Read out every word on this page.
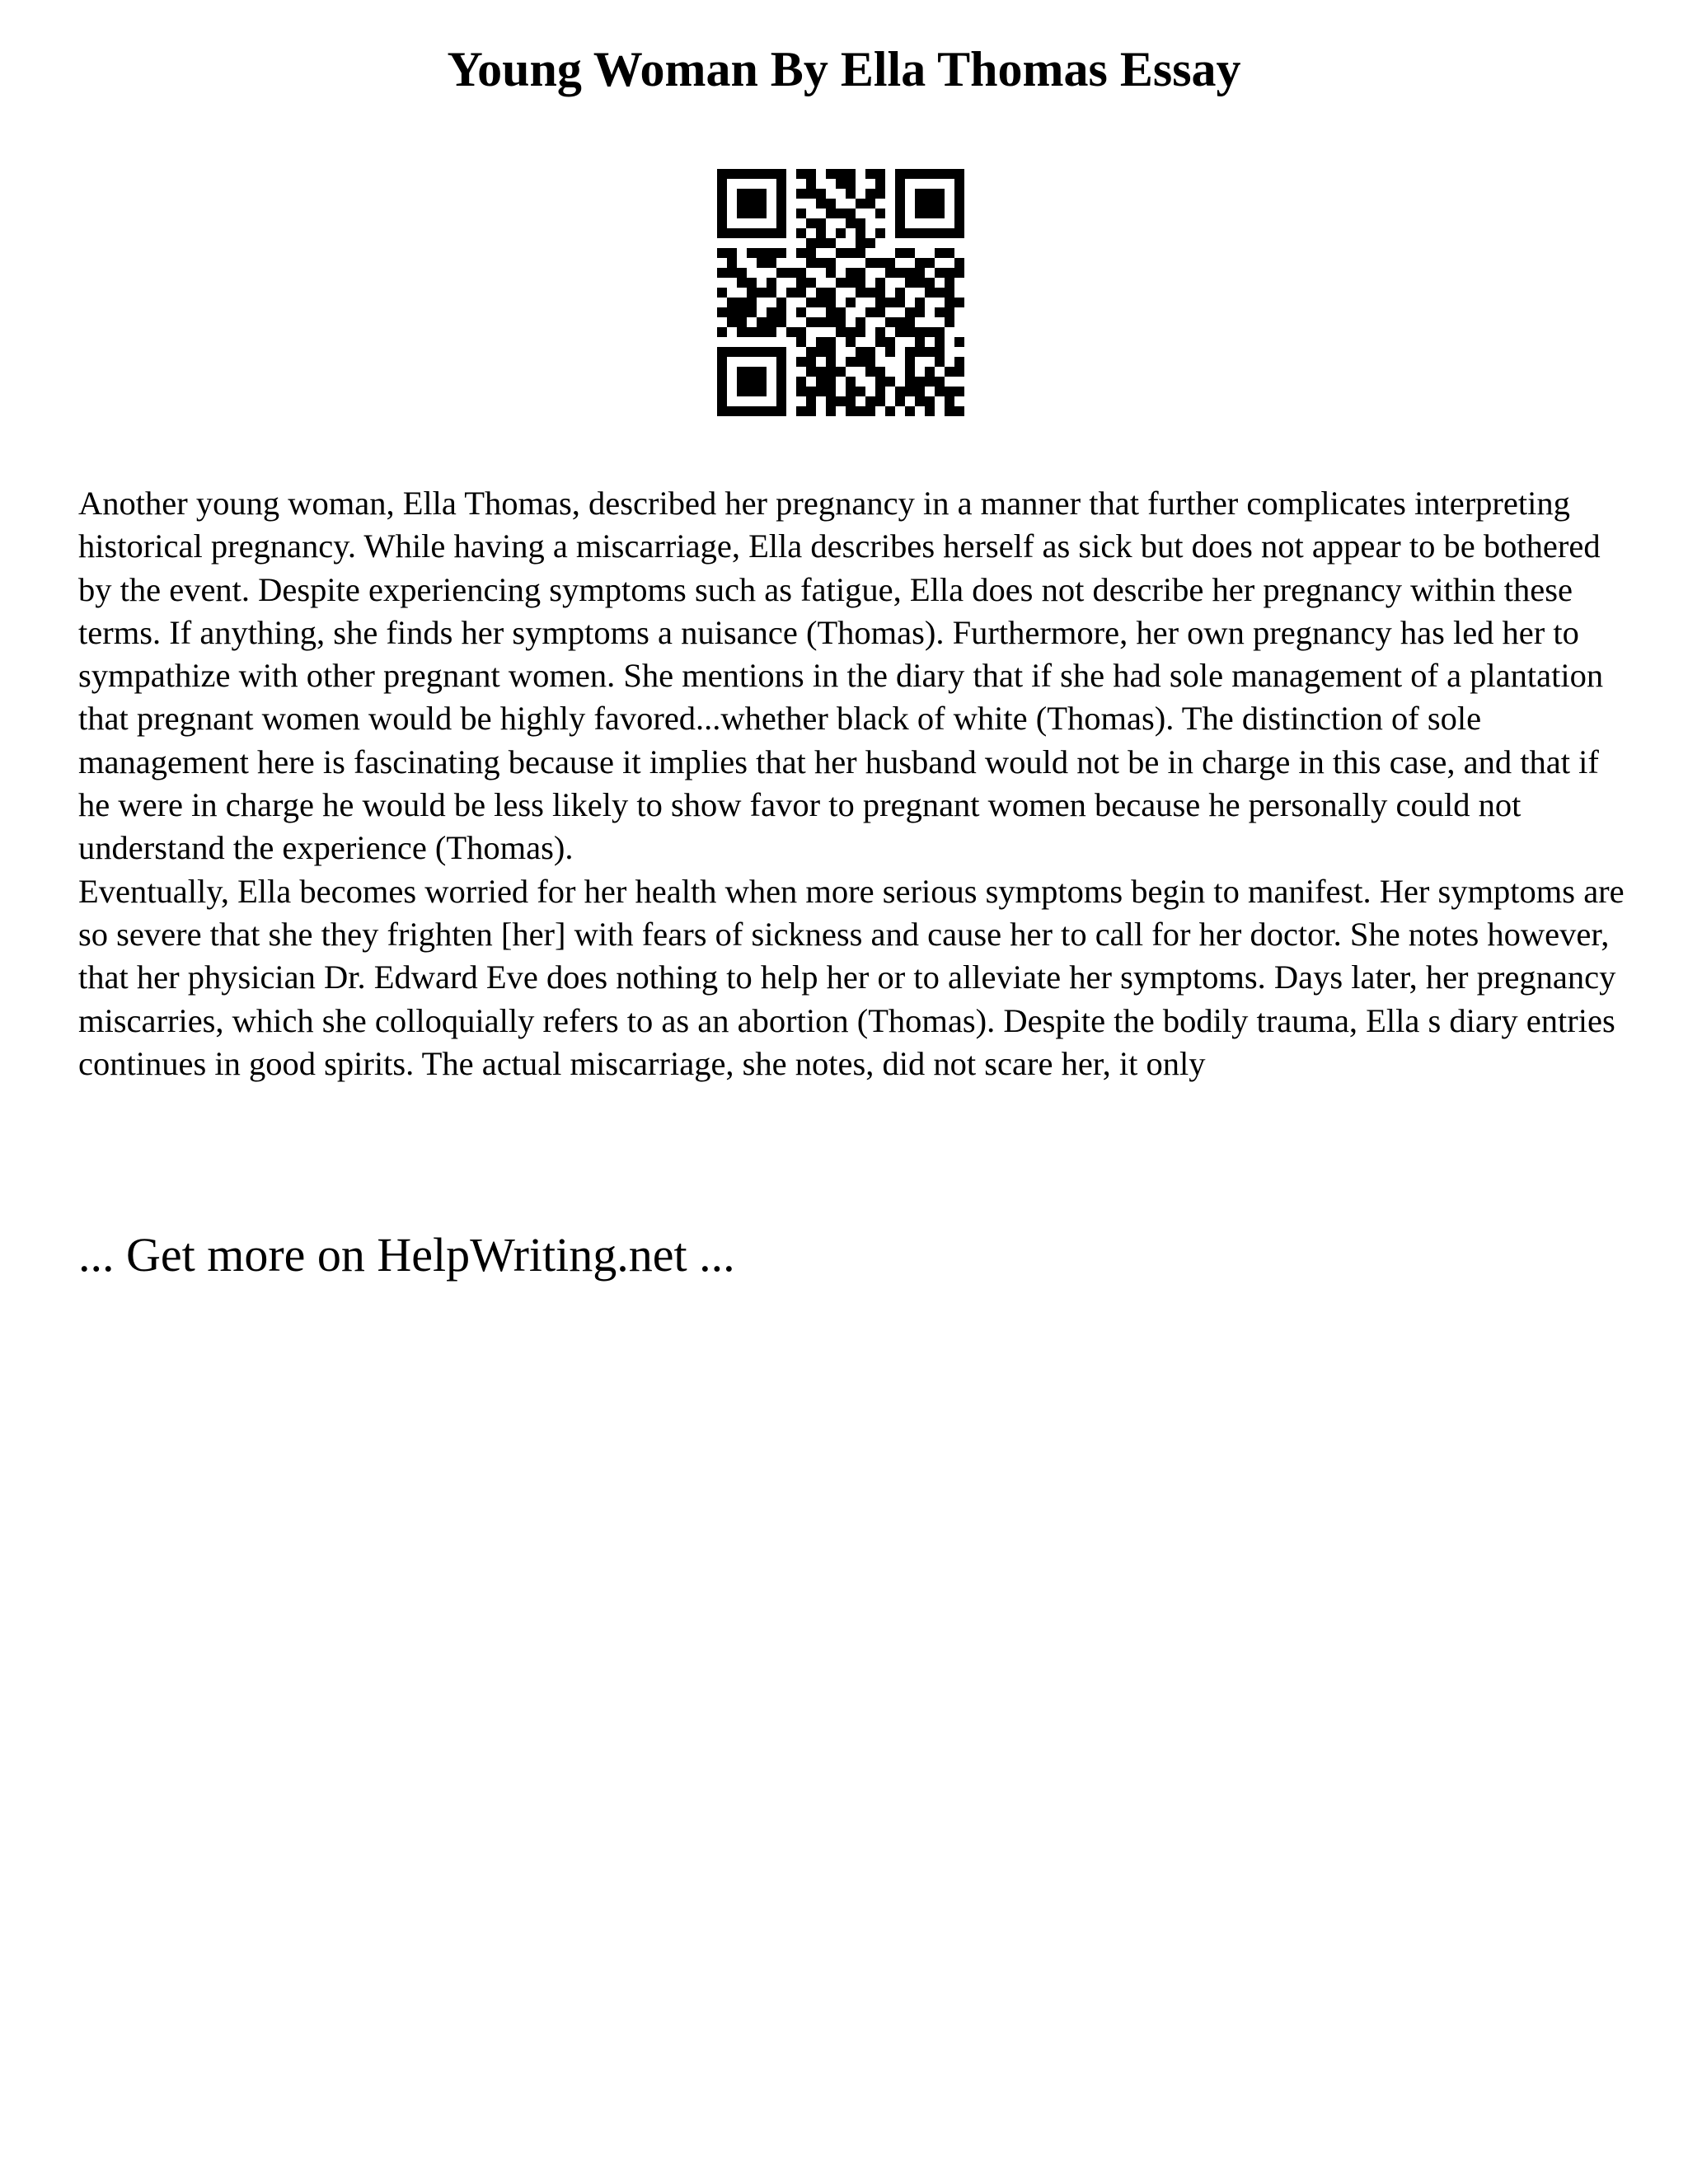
Young Woman By Ella Thomas Essay

Another young woman, Ella Thomas, described her pregnancy in a manner that further complicates interpreting historical pregnancy. While having a miscarriage, Ella describes herself as sick but does not appear to be bothered by the event. Despite experiencing symptoms such as fatigue, Ella does not describe her pregnancy within these terms. If anything, she finds her symptoms a nuisance (Thomas). Furthermore, her own pregnancy has led her to sympathize with other pregnant women. She mentions in the diary that if she had sole management of a plantation that pregnant women would be highly favored...whether black of white (Thomas). The distinction of sole management here is fascinating because it implies that her husband would not be in charge in this case, and that if he were in charge he would be less likely to show favor to pregnant women because he personally could not understand the experience (Thomas).

Eventually, Ella becomes worried for her health when more serious symptoms begin to manifest. Her symptoms are so severe that she they frighten [her] with fears of sickness and cause her to call for her doctor. She notes however, that her physician Dr. Edward Eve does nothing to help her or to alleviate her symptoms. Days later, her pregnancy miscarries, which she colloquially refers to as an abortion (Thomas). Despite the bodily trauma, Ella s diary entries continues in good spirits. The actual miscarriage, she notes, did not scare her, it only

... Get more on HelpWriting.net ...
